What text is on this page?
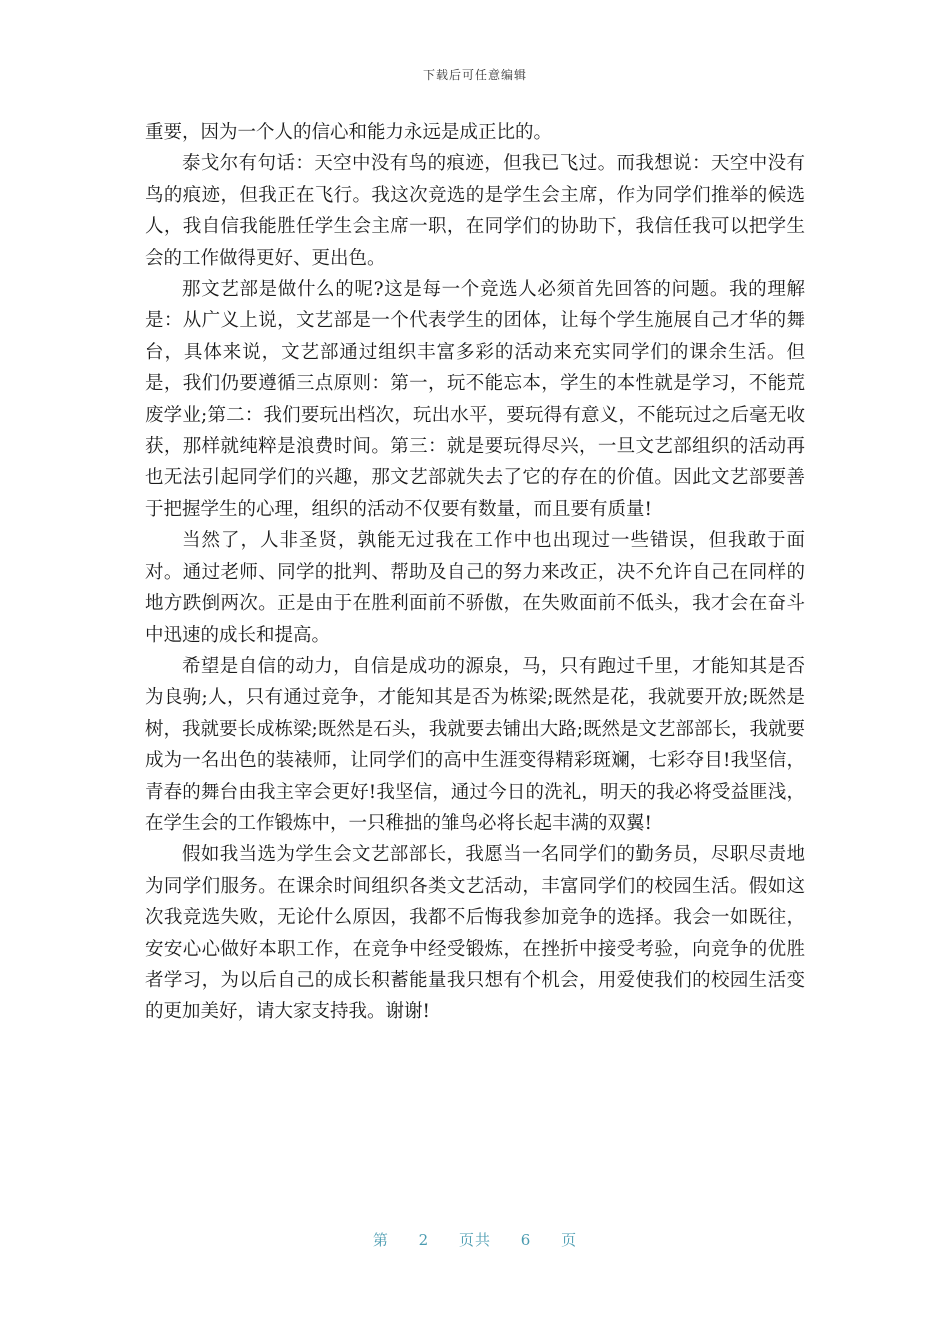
下载后可任意编辑

重要，因为一个人的信心和能力永远是成正比的。

泰戈尔有句话：天空中没有鸟的痕迹，但我已飞过。而我想说：天空中没有鸟的痕迹，但我正在飞行。我这次竞选的是学生会主席，作为同学们推举的候选人，我自信我能胜任学生会主席一职，在同学们的协助下，我信任我可以把学生会的工作做得更好、更出色。

那文艺部是做什么的呢?这是每一个竞选人必须首先回答的问题。我的理解是：从广义上说，文艺部是一个代表学生的团体，让每个学生施展自己才华的舞台，具体来说，文艺部通过组织丰富多彩的活动来充实同学们的课余生活。但是，我们仍要遵循三点原则：第一，玩不能忘本，学生的本性就是学习，不能荒废学业;第二：我们要玩出档次，玩出水平，要玩得有意义，不能玩过之后毫无收获，那样就纯粹是浪费时间。第三：就是要玩得尽兴，一旦文艺部组织的活动再也无法引起同学们的兴趣，那文艺部就失去了它的存在的价值。因此文艺部要善于把握学生的心理，组织的活动不仅要有数量，而且要有质量!

当然了，人非圣贤，孰能无过我在工作中也出现过一些错误，但我敢于面对。通过老师、同学的批判、帮助及自己的努力来改正，决不允许自己在同样的地方跌倒两次。正是由于在胜利面前不骄傲，在失败面前不低头，我才会在奋斗中迅速的成长和提高。

希望是自信的动力，自信是成功的源泉，马，只有跑过千里，才能知其是否为良驹;人，只有通过竞争，才能知其是否为栋梁;既然是花，我就要开放;既然是树，我就要长成栋梁;既然是石头，我就要去铺出大路;既然是文艺部部长，我就要成为一名出色的装裱师，让同学们的高中生涯变得精彩斑斓，七彩夺目!我坚信，青春的舞台由我主宰会更好!我坚信，通过今日的洗礼，明天的我必将受益匪浅，在学生会的工作锻炼中，一只稚拙的雏鸟必将长起丰满的双翼!

假如我当选为学生会文艺部部长，我愿当一名同学们的勤务员，尽职尽责地为同学们服务。在课余时间组织各类文艺活动，丰富同学们的校园生活。假如这次我竞选失败，无论什么原因，我都不后悔我参加竞争的选择。我会一如既往，安安心心做好本职工作，在竞争中经受锻炼，在挫折中接受考验，向竞争的优胜者学习，为以后自己的成长积蓄能量我只想有个机会，用爱使我们的校园生活变的更加美好，请大家支持我。谢谢!

第 2 页共 6 页
